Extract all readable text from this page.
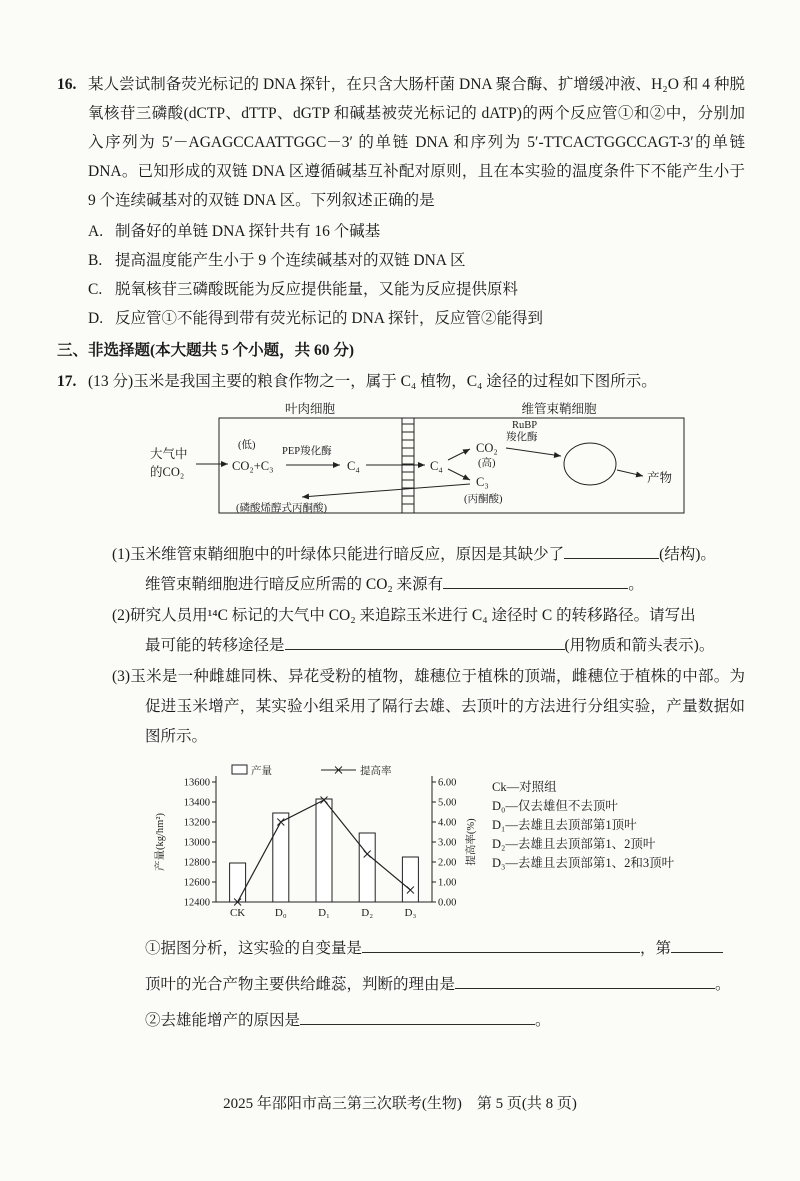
16. 某人尝试制备荧光标记的 DNA 探针，在只含大肠杆菌 DNA 聚合酶、扩增缓冲液、H₂O 和 4 种脱氧核苷三磷酸(dCTP、dTTP、dGTP 和碱基被荧光标记的 dATP)的两个反应管①和②中，分别加入序列为 5′－AGAGCCAATTGGC－3′ 的单链 DNA 和序列为 5′-TTCACTGGCCAGT-3′的单链 DNA。已知形成的双链 DNA 区遵循碱基互补配对原则，且在本实验的温度条件下不能产生小于 9 个连续碱基对的双链 DNA 区。下列叙述正确的是
A. 制备好的单链 DNA 探针共有 16 个碱基
B. 提高温度能产生小于 9 个连续碱基对的双链 DNA 区
C. 脱氧核苷三磷酸既能为反应提供能量，又能为反应提供原料
D. 反应管①不能得到带有荧光标记的 DNA 探针，反应管②能得到
三、非选择题(本大题共 5 个小题，共 60 分)
17. (13 分)玉米是我国主要的粮食作物之一，属于 C₄ 植物，C₄ 途径的过程如下图所示。
叶肉细胞	维管束鞘细胞
大气中
的CO₂
(低)
CO₂+C₃
PEP羧化酶
C₄	C₄
CO₂
(高)
C₃
(丙酮酸)
RuBP
羧化酶
产物
(磷酸烯醇式丙酮酸)
(1)玉米维管束鞘细胞中的叶绿体只能进行暗反应，原因是其缺少了	(结构)。
维管束鞘细胞进行暗反应所需的 CO₂ 来源有	。
(2)研究人员用¹⁴C 标记的大气中 CO₂ 来追踪玉米进行 C₄ 途径时 C 的转移路径。请写出
最可能的转移途径是	(用物质和箭头表示)。
(3)玉米是一种雌雄同株、异花受粉的植物，雄穗位于植株的顶端，雌穗位于植株的中部。为促进玉米增产，某实验小组采用了隔行去雄、去顶叶的方法进行分组实验，产量数据如图所示。
12400
12600
12800
13000
13200
13400
13600
0.00
1.00
2.00
3.00
4.00
5.00
6.00
CK	D₀	D₁	D₂	D₃
产量(kg/hm²)	提高率(%)
产量	提高率
Ck—对照组
D₀—仅去雄但不去顶叶
D₁—去雄且去顶部第1顶叶
D₂—去雄且去顶部第1、2顶叶
D₃—去雄且去顶部第1、2和3顶叶
①据图分析，这实验的自变量是	，第
顶叶的光合产物主要供给雌蕊，判断的理由是	。
②去雄能增产的原因是	。
2025 年邵阳市高三第三次联考(生物)　第 5 页(共 8 页)
